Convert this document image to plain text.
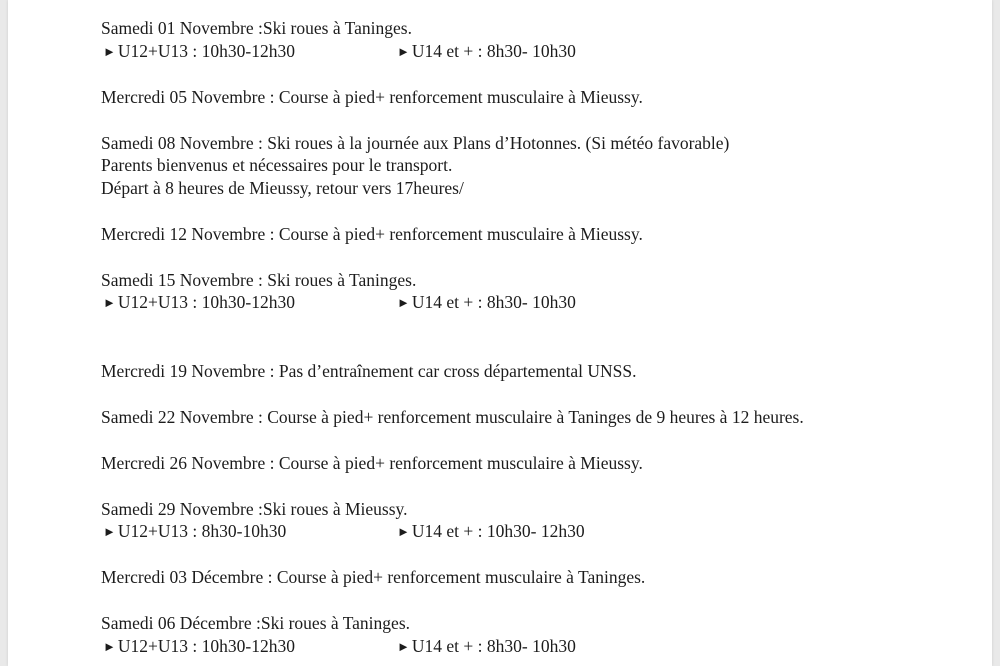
Samedi 01 Novembre :Ski roues à Taninges.

► U12+U13 : 10h30-12h30

	► U14 et + : 8h30- 10h30

Mercredi 05 Novembre : Course à pied+ renforcement musculaire à Mieussy.
Samedi 08 Novembre : Ski roues à la journée aux Plans d’Hotonnes. (Si météo favorable)
Parents bienvenus et nécessaires pour le transport.
Départ à 8 heures de Mieussy, retour vers 17heures/
Mercredi 12 Novembre : Course à pied+ renforcement musculaire à Mieussy.
Samedi 15 Novembre : Ski roues à Taninges.

► U12+U13 : 10h30-12h30

	► U14 et + : 8h30- 10h30

Mercredi 19 Novembre : Pas d’entraînement car cross départemental UNSS.
Samedi 22 Novembre : Course à pied+ renforcement musculaire à Taninges de 9 heures à 12 heures.
Mercredi 26 Novembre : Course à pied+ renforcement musculaire à Mieussy.
Samedi 29 Novembre :Ski roues à Mieussy.

► U12+U13 : 8h30-10h30

	► U14 et + : 10h30- 12h30

Mercredi 03 Décembre : Course à pied+ renforcement musculaire à Taninges.
Samedi 06 Décembre :Ski roues à Taninges.

► U12+U13 : 10h30-12h30

	► U14 et + : 8h30- 10h30
